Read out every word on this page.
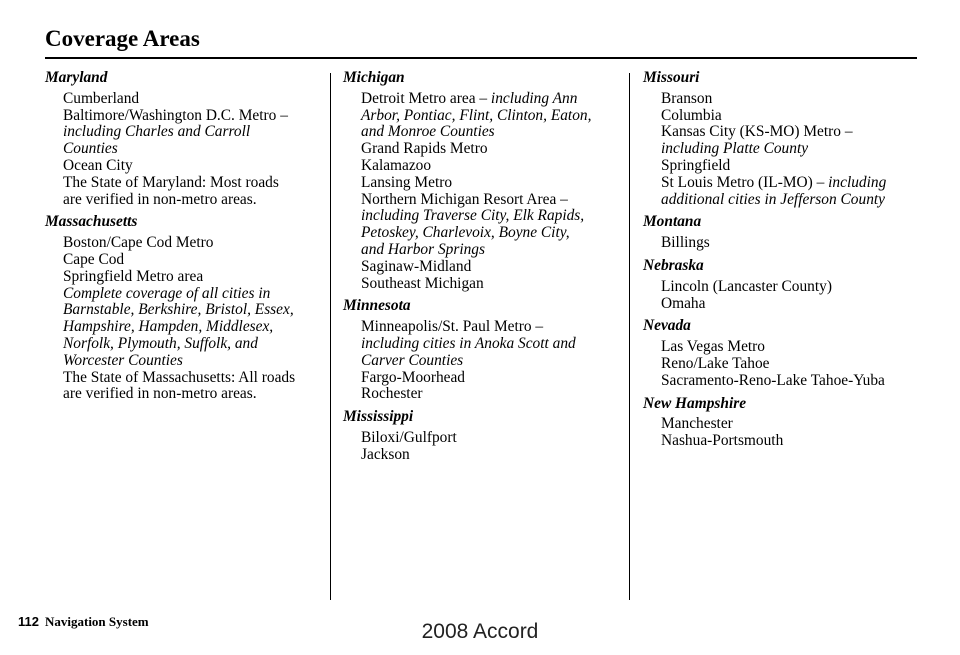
Coverage Areas
Maryland
Cumberland
Baltimore/Washington D.C. Metro –
including Charles and Carroll
Counties
Ocean City
The State of Maryland: Most roads
are verified in non-metro areas.
Massachusetts
Boston/Cape Cod Metro
Cape Cod
Springfield Metro area
Complete coverage of all cities in
Barnstable, Berkshire, Bristol, Essex,
Hampshire, Hampden, Middlesex,
Norfolk, Plymouth, Suffolk, and
Worcester Counties
The State of Massachusetts: All roads
are verified in non-metro areas.
Michigan
Detroit Metro area – including Ann
Arbor, Pontiac, Flint, Clinton, Eaton,
and Monroe Counties
Grand Rapids Metro
Kalamazoo
Lansing Metro
Northern Michigan Resort Area –
including Traverse City, Elk Rapids,
Petoskey, Charlevoix, Boyne City,
and Harbor Springs
Saginaw-Midland
Southeast Michigan
Minnesota
Minneapolis/St. Paul Metro –
including cities in Anoka Scott and
Carver Counties
Fargo-Moorhead
Rochester
Mississippi
Biloxi/Gulfport
Jackson
Missouri
Branson
Columbia
Kansas City (KS-MO) Metro –
including Platte County
Springfield
St Louis Metro (IL-MO) – including
additional cities in Jefferson County
Montana
Billings
Nebraska
Lincoln (Lancaster County)
Omaha
Nevada
Las Vegas Metro
Reno/Lake Tahoe
Sacramento-Reno-Lake Tahoe-Yuba
New Hampshire
Manchester
Nashua-Portsmouth
112 Navigation System	2008 Accord
